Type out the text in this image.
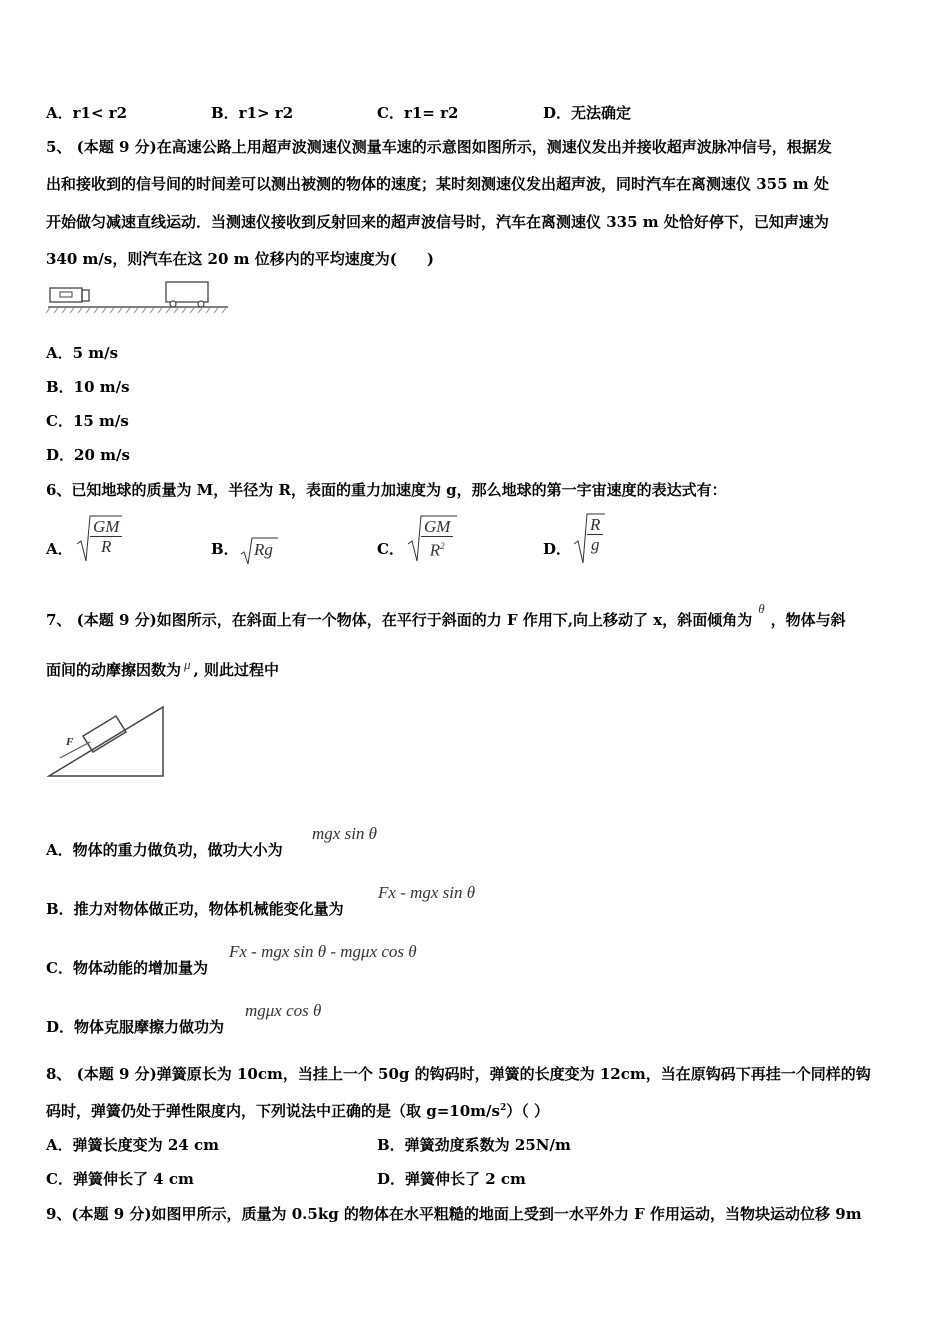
A．r1< r2	B．r1> r2	C．r1= r2	D．无法确定
5、 (本题 9 分)在高速公路上用超声波测速仪测量车速的示意图如图所示，测速仪发出并接收超声波脉冲信号，根据发
出和接收到的信号间的时间差可以测出被测的物体的速度；某时刻测速仪发出超声波，同时汽车在离测速仪 355 m 处
开始做匀减速直线运动．当测速仪接收到反射回来的超声波信号时，汽车在离测速仪 335 m 处恰好停下，已知声速为
340 m/s，则汽车在这 20 m 位移内的平均速度为(　　)
A．5 m/s
B．10 m/s
C．15 m/s
D．20 m/s
6、已知地球的质量为 M，半径为 R，表面的重力加速度为 g，那么地球的第一宇宙速度的表达式有：
A． $\frac{GM}{R}$	B． Rg	C． $\frac{GM}{R^2}$	D． $\frac{R}{g}$
7、 (本题 9 分)如图所示，在斜面上有一个物体，在平行于斜面的力 F 作用下,向上移动了 x，斜面倾角为θ，物体与斜
面间的动摩擦因数为 μ , 则此过程中
F
A．物体的重力做负功，做功大小为
mgx sin θ
B．推力对物体做正功，物体机械能变化量为
Fx - mgx sin θ
C．物体动能的增加量为
Fx - mgx sin θ - mgμx cos θ
D．物体克服摩擦力做功为
mgμx cos θ
8、 (本题 9 分)弹簧原长为 10cm，当挂上一个 50g 的钩码时，弹簧的长度变为 12cm，当在原钩码下再挂一个同样的钩
码时，弹簧仍处于弹性限度内，下列说法中正确的是（取 $g=10m/s^2$）（ ）
A．弹簧长度变为 24 cm	B．弹簧劲度系数为 25N/m
C．弹簧伸长了 4 cm	D．弹簧伸长了 2 cm
9、(本题 9 分)如图甲所示，质量为 0.5kg 的物体在水平粗糙的地面上受到一水平外力 F 作用运动，当物块运动位移 9m
